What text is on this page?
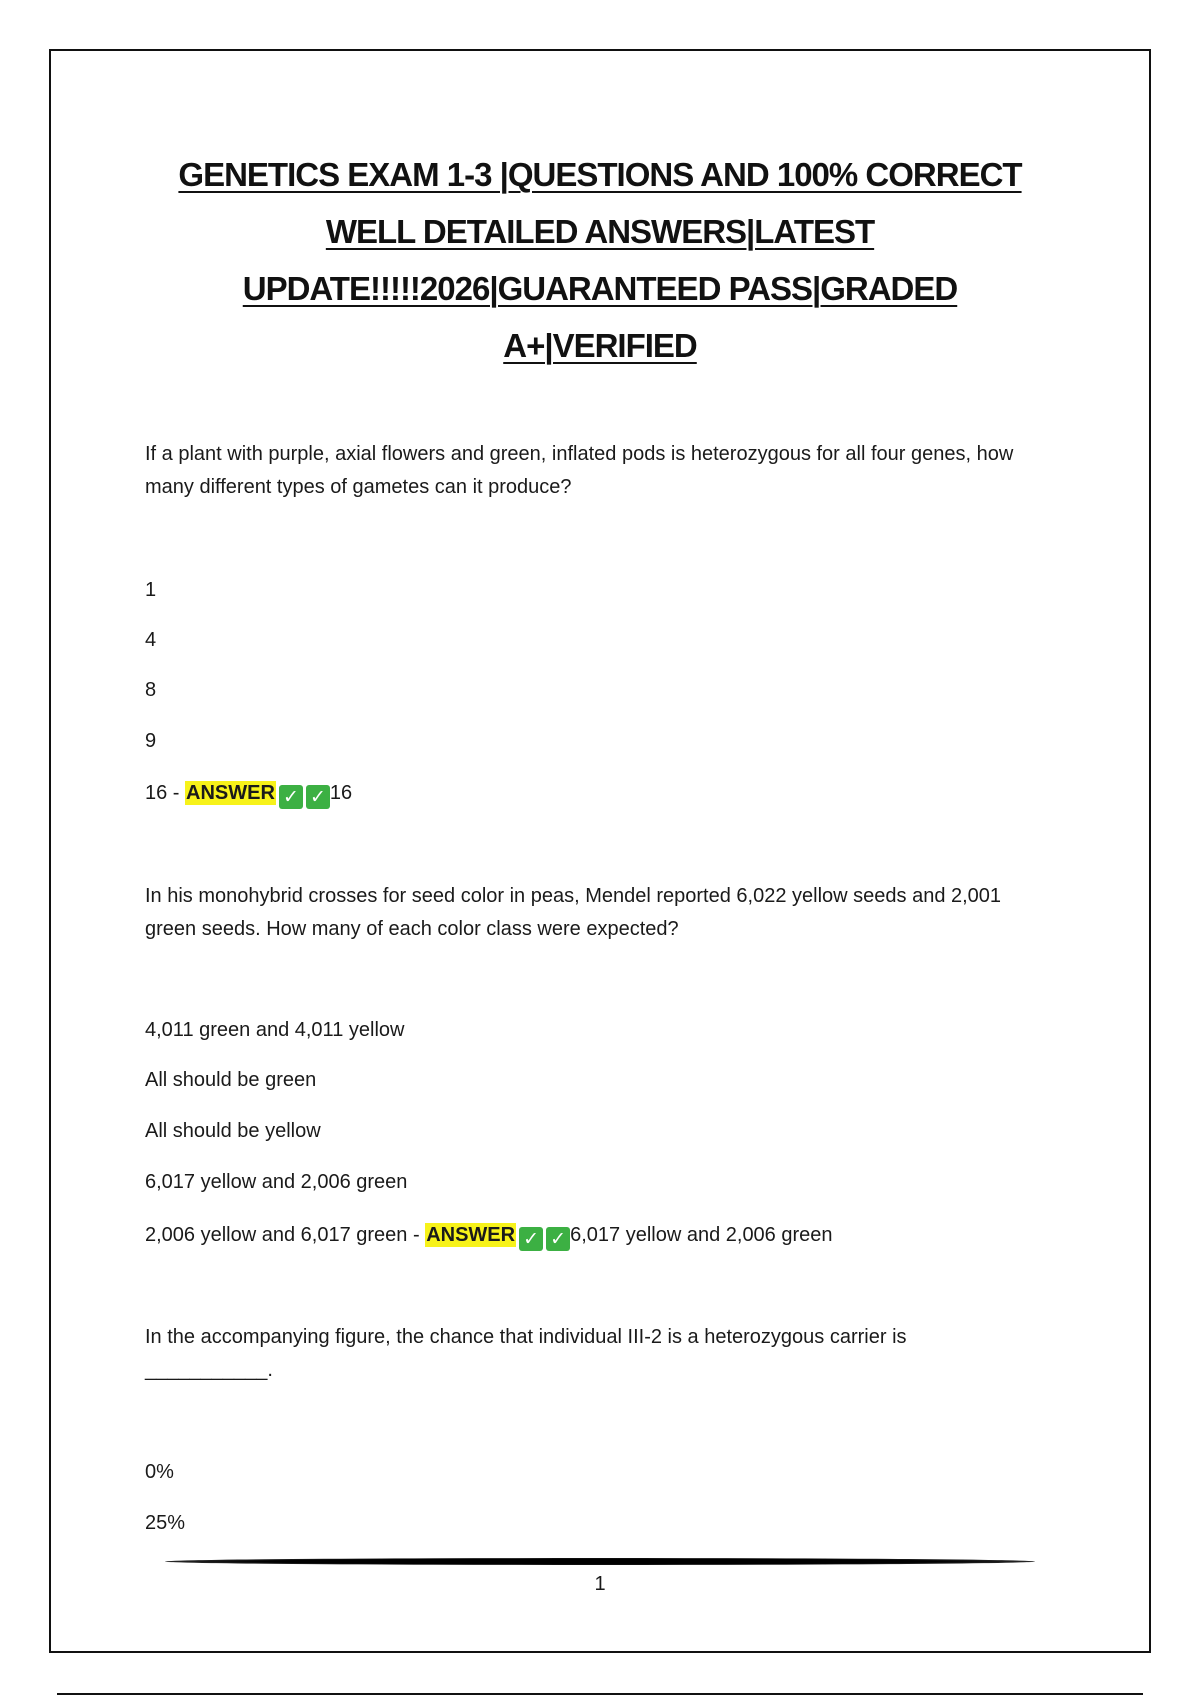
GENETICS EXAM 1-3 |QUESTIONS AND 100% CORRECT
WELL DETAILED ANSWERS|LATEST
UPDATE!!!!!2026|GUARANTEED PASS|GRADED
A+|VERIFIED

If a plant with purple, axial flowers and green, inflated pods is heterozygous for all four genes, how many different types of gametes can it produce?

1
4
8
9
16 - ANSWER ✓ ✓ 16

In his monohybrid crosses for seed color in peas, Mendel reported 6,022 yellow seeds and 2,001 green seeds. How many of each color class were expected?

4,011 green and 4,011 yellow
All should be green
All should be yellow
6,017 yellow and 2,006 green
2,006 yellow and 6,017 green - ANSWER ✓ ✓ 6,017 yellow and 2,006 green

In the accompanying figure, the chance that individual III-2 is a heterozygous carrier is
___________.

0%
25%
1
